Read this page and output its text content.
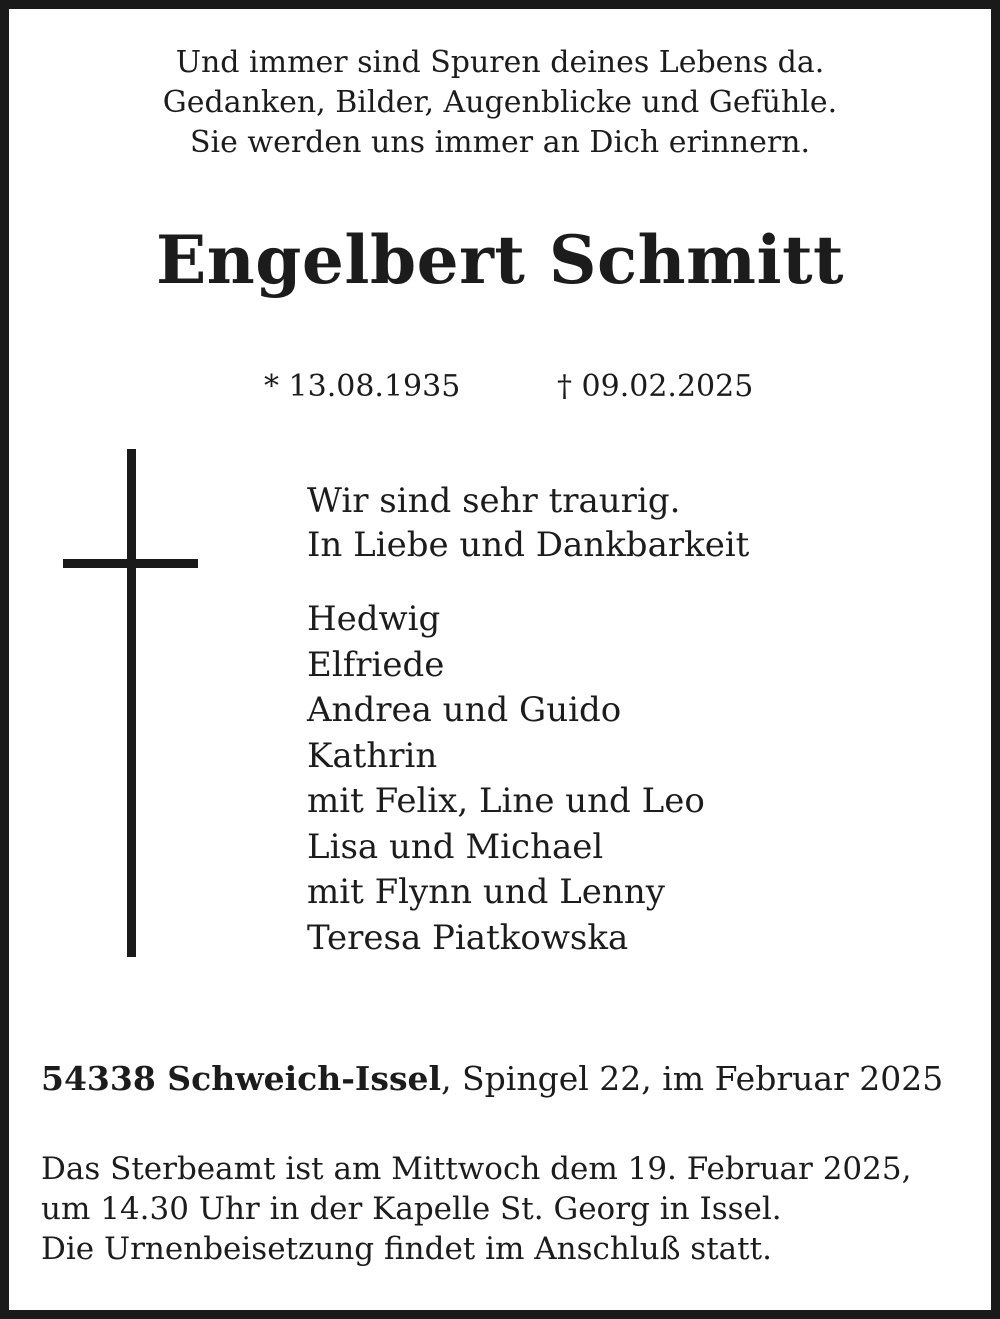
Und immer sind Spuren deines Lebens da.
Gedanken, Bilder, Augenblicke und Gefühle.
Sie werden uns immer an Dich erinnern.
Engelbert Schmitt
* 13.08.1935	† 09.02.2025
Wir sind sehr traurig.
In Liebe und Dankbarkeit
Hedwig
Elfriede
Andrea und Guido
Kathrin
mit Felix, Line und Leo
Lisa und Michael
mit Flynn und Lenny
Teresa Piatkowska
54338 Schweich-Issel, Spingel 22, im Februar 2025
Das Sterbeamt ist am Mittwoch dem 19. Februar 2025,
um 14.30 Uhr in der Kapelle St. Georg in Issel.
Die Urnenbeisetzung findet im Anschluß statt.
